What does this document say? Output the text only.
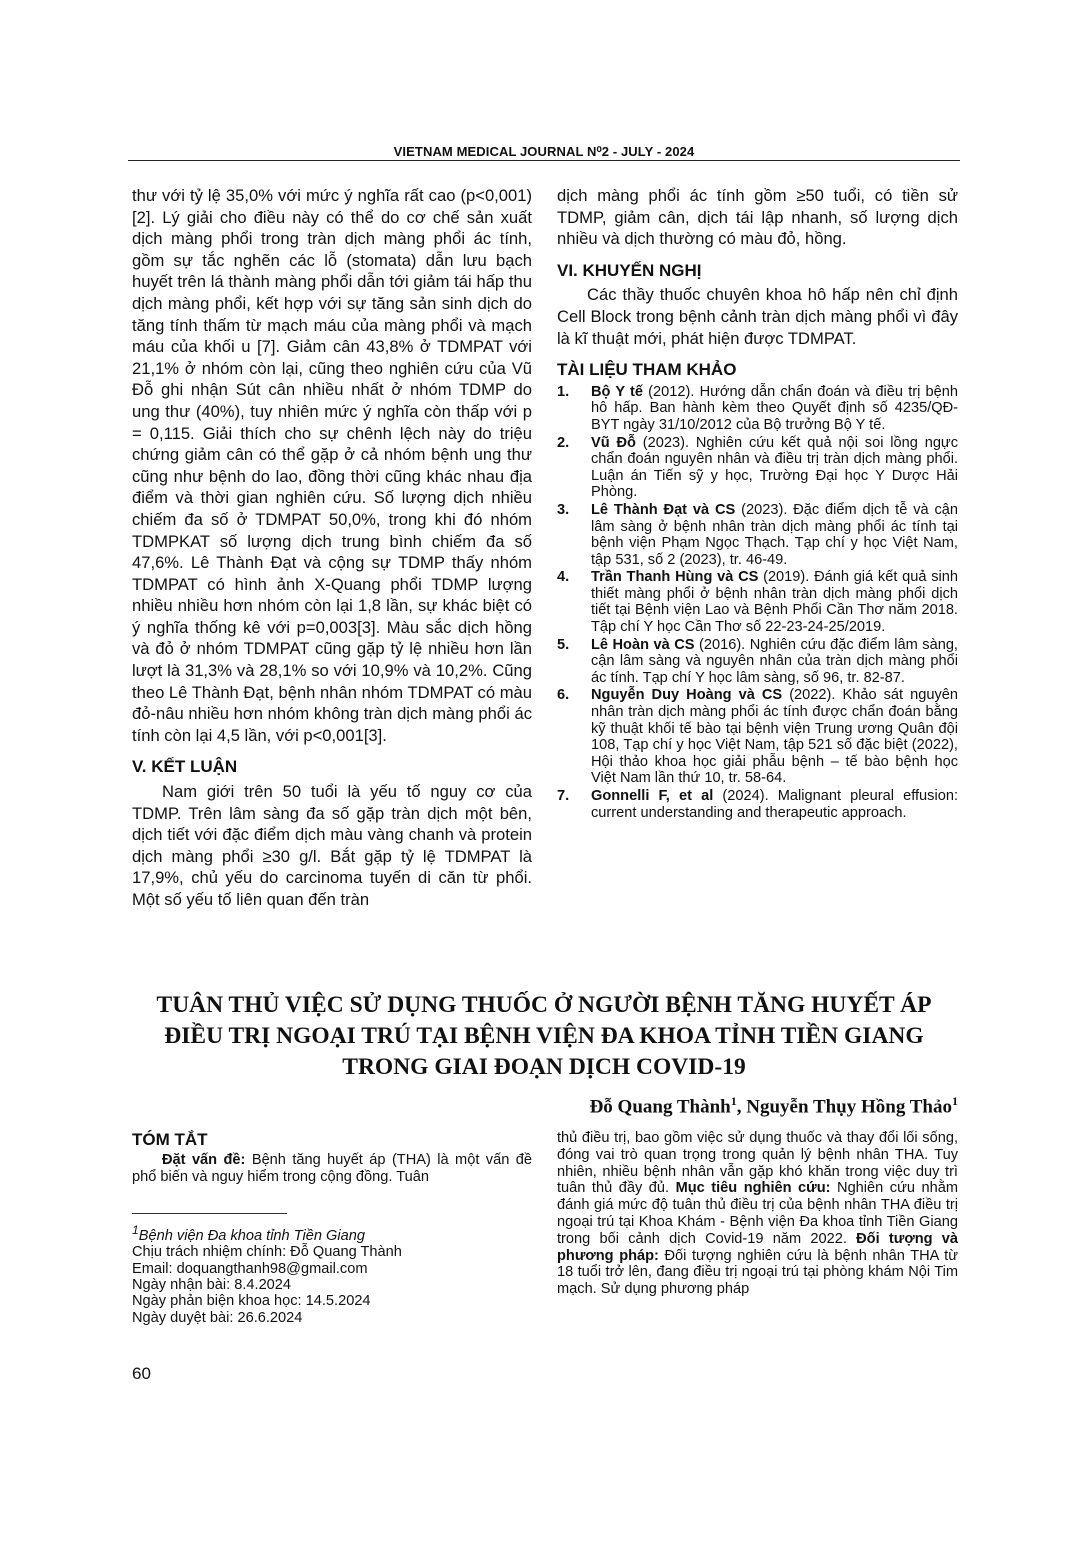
VIETNAM MEDICAL JOURNAL N⁰2 - JULY - 2024

thư với tỷ lệ 35,0% với mức ý nghĩa rất cao (p<0,001) [2]. Lý giải cho điều này có thể do cơ chế sản xuất dịch màng phổi trong tràn dịch màng phổi ác tính, gồm sự tắc nghẽn các lỗ (stomata) dẫn lưu bạch huyết trên lá thành màng phổi dẫn tới giảm tái hấp thu dịch màng phổi, kết hợp với sự tăng sản sinh dịch do tăng tính thấm từ mạch máu của màng phổi và mạch máu của khối u [7]. Giảm cân 43,8% ở TDMPAT với 21,1% ở nhóm còn lại, cũng theo nghiên cứu của Vũ Đỗ ghi nhận Sút cân nhiều nhất ở nhóm TDMP do ung thư (40%), tuy nhiên mức ý nghĩa còn thấp với p = 0,115. Giải thích cho sự chênh lệch này do triệu chứng giảm cân có thể gặp ở cả nhóm bệnh ung thư cũng như bệnh do lao, đồng thời cũng khác nhau địa điểm và thời gian nghiên cứu. Số lượng dịch nhiều chiếm đa số ở TDMPAT 50,0%, trong khi đó nhóm TDMPKAT số lượng dịch trung bình chiếm đa số 47,6%. Lê Thành Đạt và cộng sự TDMP thấy nhóm TDMPAT có hình ảnh X-Quang phổi TDMP lượng nhiều nhiều hơn nhóm còn lại 1,8 lần, sự khác biệt có ý nghĩa thống kê với p=0,003[3]. Màu sắc dịch hồng và đỏ ở nhóm TDMPAT cũng gặp tỷ lệ nhiều hơn lần lượt là 31,3% và 28,1% so với 10,9% và 10,2%. Cũng theo Lê Thành Đạt, bệnh nhân nhóm TDMPAT có màu đỏ-nâu nhiều hơn nhóm không tràn dịch màng phổi ác tính còn lại 4,5 lần, với p<0,001[3].

V. KẾT LUẬN

Nam giới trên 50 tuổi là yếu tố nguy cơ của TDMP. Trên lâm sàng đa số gặp tràn dịch một bên, dịch tiết với đặc điểm dịch màu vàng chanh và protein dịch màng phổi ≥30 g/l. Bắt gặp tỷ lệ TDMPAT là 17,9%, chủ yếu do carcinoma tuyến di căn từ phổi. Một số yếu tố liên quan đến tràn

dịch màng phổi ác tính gồm ≥50 tuổi, có tiền sử TDMP, giảm cân, dịch tái lập nhanh, số lượng dịch nhiều và dịch thường có màu đỏ, hồng.

VI. KHUYẾN NGHỊ

Các thầy thuốc chuyên khoa hô hấp nên chỉ định Cell Block trong bệnh cảnh tràn dịch màng phổi vì đây là kĩ thuật mới, phát hiện được TDMPAT.

TÀI LIỆU THAM KHẢO
1.	Bộ Y tế (2012). Hướng dẫn chẩn đoán và điều trị bệnh hô hấp. Ban hành kèm theo Quyết định số 4235/QĐ-BYT ngày 31/10/2012 của Bộ trưởng Bộ Y tế.
2.	Vũ Đỗ (2023). Nghiên cứu kết quả nội soi lồng ngực chẩn đoán nguyên nhân và điều trị tràn dịch màng phổi. Luận án Tiến sỹ y học, Trường Đại học Y Dược Hải Phòng.
3.	Lê Thành Đạt và CS (2023). Đặc điểm dịch tễ và cận lâm sàng ở bệnh nhân tràn dịch màng phổi ác tính tại bệnh viện Phạm Ngọc Thạch. Tạp chí y học Việt Nam, tập 531, số 2 (2023), tr. 46-49.
4.	Trần Thanh Hùng và CS (2019). Đánh giá kết quả sinh thiết màng phổi ở bệnh nhân tràn dịch màng phổi dịch tiết tại Bệnh viện Lao và Bệnh Phổi Cần Thơ năm 2018. Tập chí Y học Cần Thơ số 22-23-24-25/2019.
5.	Lê Hoàn và CS (2016). Nghiên cứu đặc điểm lâm sàng, cận lâm sàng và nguyên nhân của tràn dịch màng phổi ác tính. Tạp chí Y học lâm sàng, số 96, tr. 82-87.
6.	Nguyễn Duy Hoàng và CS (2022). Khảo sát nguyên nhân tràn dịch màng phổi ác tính được chẩn đoán bằng kỹ thuật khối tế bào tại bệnh viện Trung ương Quân đội 108, Tạp chí y học Việt Nam, tập 521 số đặc biệt (2022), Hội thảo khoa học giải phẫu bệnh – tế bào bệnh học Việt Nam lần thứ 10, tr. 58-64.
7.	Gonnelli F, et al (2024). Malignant pleural effusion: current understanding and therapeutic approach.
TUÂN THỦ VIỆC SỬ DỤNG THUỐC Ở NGƯỜI BỆNH TĂNG HUYẾT ÁP
ĐIỀU TRỊ NGOẠI TRÚ TẠI BỆNH VIỆN ĐA KHOA TỈNH TIỀN GIANG
TRONG GIAI ĐOẠN DỊCH COVID-19
Đỗ Quang Thành$^1$, Nguyễn Thụy Hồng Thảo$^1$
TÓM TẮT

Đặt vấn đề: Bệnh tăng huyết áp (THA) là một vấn đề phổ biến và nguy hiểm trong cộng đồng. Tuân

$^1$Bệnh viện Đa khoa tỉnh Tiền Giang
Chịu trách nhiệm chính: Đỗ Quang Thành
Email: doquangthanh98@gmail.com
Ngày nhận bài: 8.4.2024
Ngày phản biện khoa học: 14.5.2024
Ngày duyệt bài: 26.6.2024
thủ điều trị, bao gồm việc sử dụng thuốc và thay đổi lối sống, đóng vai trò quan trọng trong quản lý bệnh nhân THA. Tuy nhiên, nhiều bệnh nhân vẫn gặp khó khăn trong việc duy trì tuân thủ đầy đủ. Mục tiêu nghiên cứu: Nghiên cứu nhằm đánh giá mức độ tuân thủ điều trị của bệnh nhân THA điều trị ngoại trú tại Khoa Khám - Bệnh viện Đa khoa tỉnh Tiền Giang trong bối cảnh dịch Covid-19 năm 2022. Đối tượng và phương pháp: Đối tượng nghiên cứu là bệnh nhân THA từ 18 tuổi trở lên, đang điều trị ngoại trú tại phòng khám Nội Tim mạch. Sử dụng phương pháp
60
